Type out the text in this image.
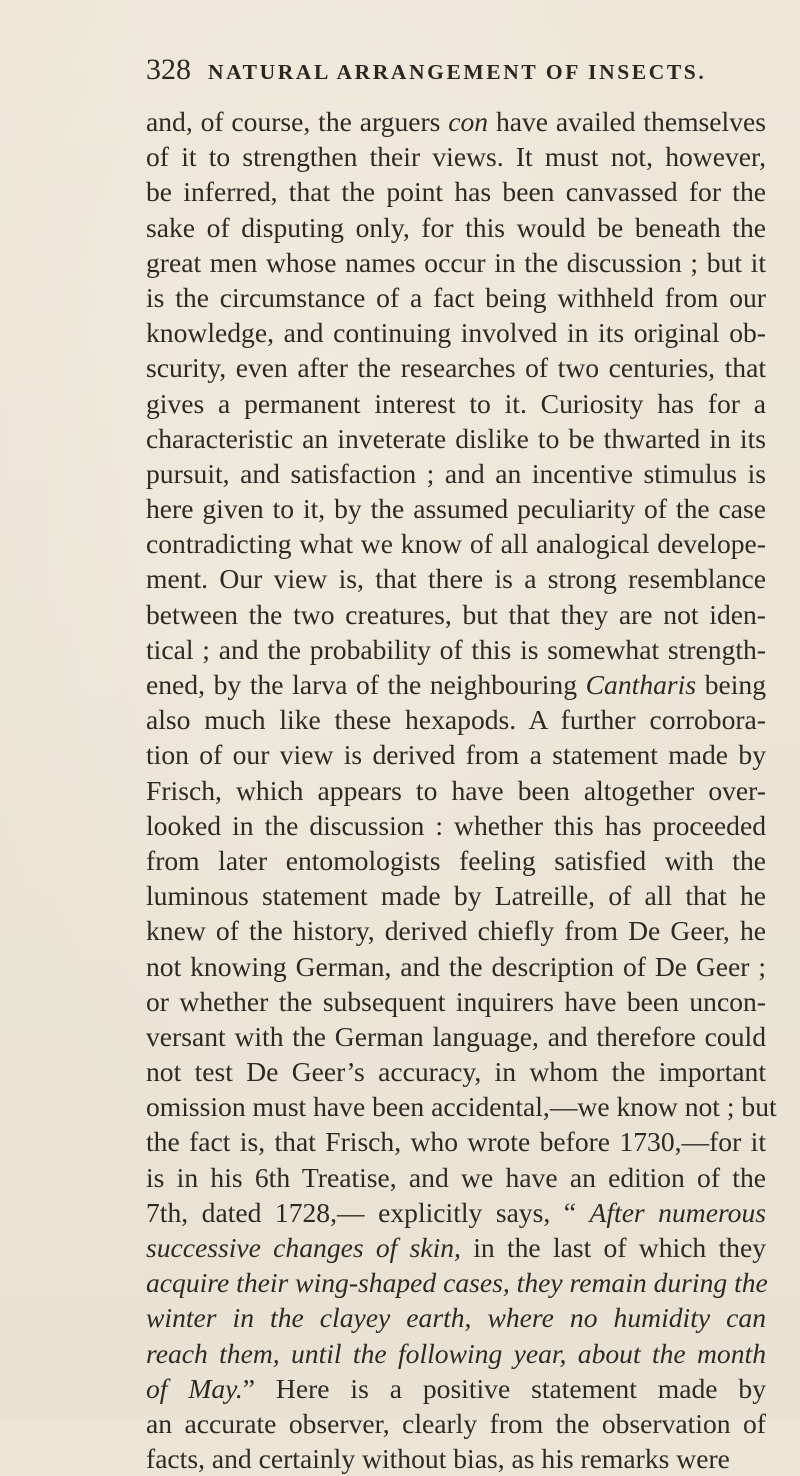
328 NATURAL ARRANGEMENT OF INSECTS.
and, of course, the arguers con have availed themselves
of it to strengthen their views. It must not, however,
be inferred, that the point has been canvassed for the
sake of disputing only, for this would be beneath the
great men whose names occur in the discussion ; but it
is the circumstance of a fact being withheld from our
knowledge, and continuing involved in its original ob-
scurity, even after the researches of two centuries, that
gives a permanent interest to it. Curiosity has for a
characteristic an inveterate dislike to be thwarted in its
pursuit, and satisfaction ; and an incentive stimulus is
here given to it, by the assumed peculiarity of the case
contradicting what we know of all analogical develope-
ment. Our view is, that there is a strong resemblance
between the two creatures, but that they are not iden-
tical ; and the probability of this is somewhat strength-
ened, by the larva of the neighbouring Cantharis being
also much like these hexapods. A further corrobora-
tion of our view is derived from a statement made by
Frisch, which appears to have been altogether over-
looked in the discussion : whether this has proceeded
from later entomologists feeling satisfied with the
luminous statement made by Latreille, of all that he
knew of the history, derived chiefly from De Geer, he
not knowing German, and the description of De Geer ;
or whether the subsequent inquirers have been uncon-
versant with the German language, and therefore could
not test De Geer’s accuracy, in whom the important
omission must have been accidental,—we know not ; but
the fact is, that Frisch, who wrote before 1730,—for it
is in his 6th Treatise, and we have an edition of the
7th, dated 1728,— explicitly says, “ After numerous
successive changes of skin, in the last of which they
acquire their wing-shaped cases, they remain during the
winter in the clayey earth, where no humidity can
reach them, until the following year, about the month
of May.” Here is a positive statement made by
an accurate observer, clearly from the observation of
facts, and certainly without bias, as his remarks were
